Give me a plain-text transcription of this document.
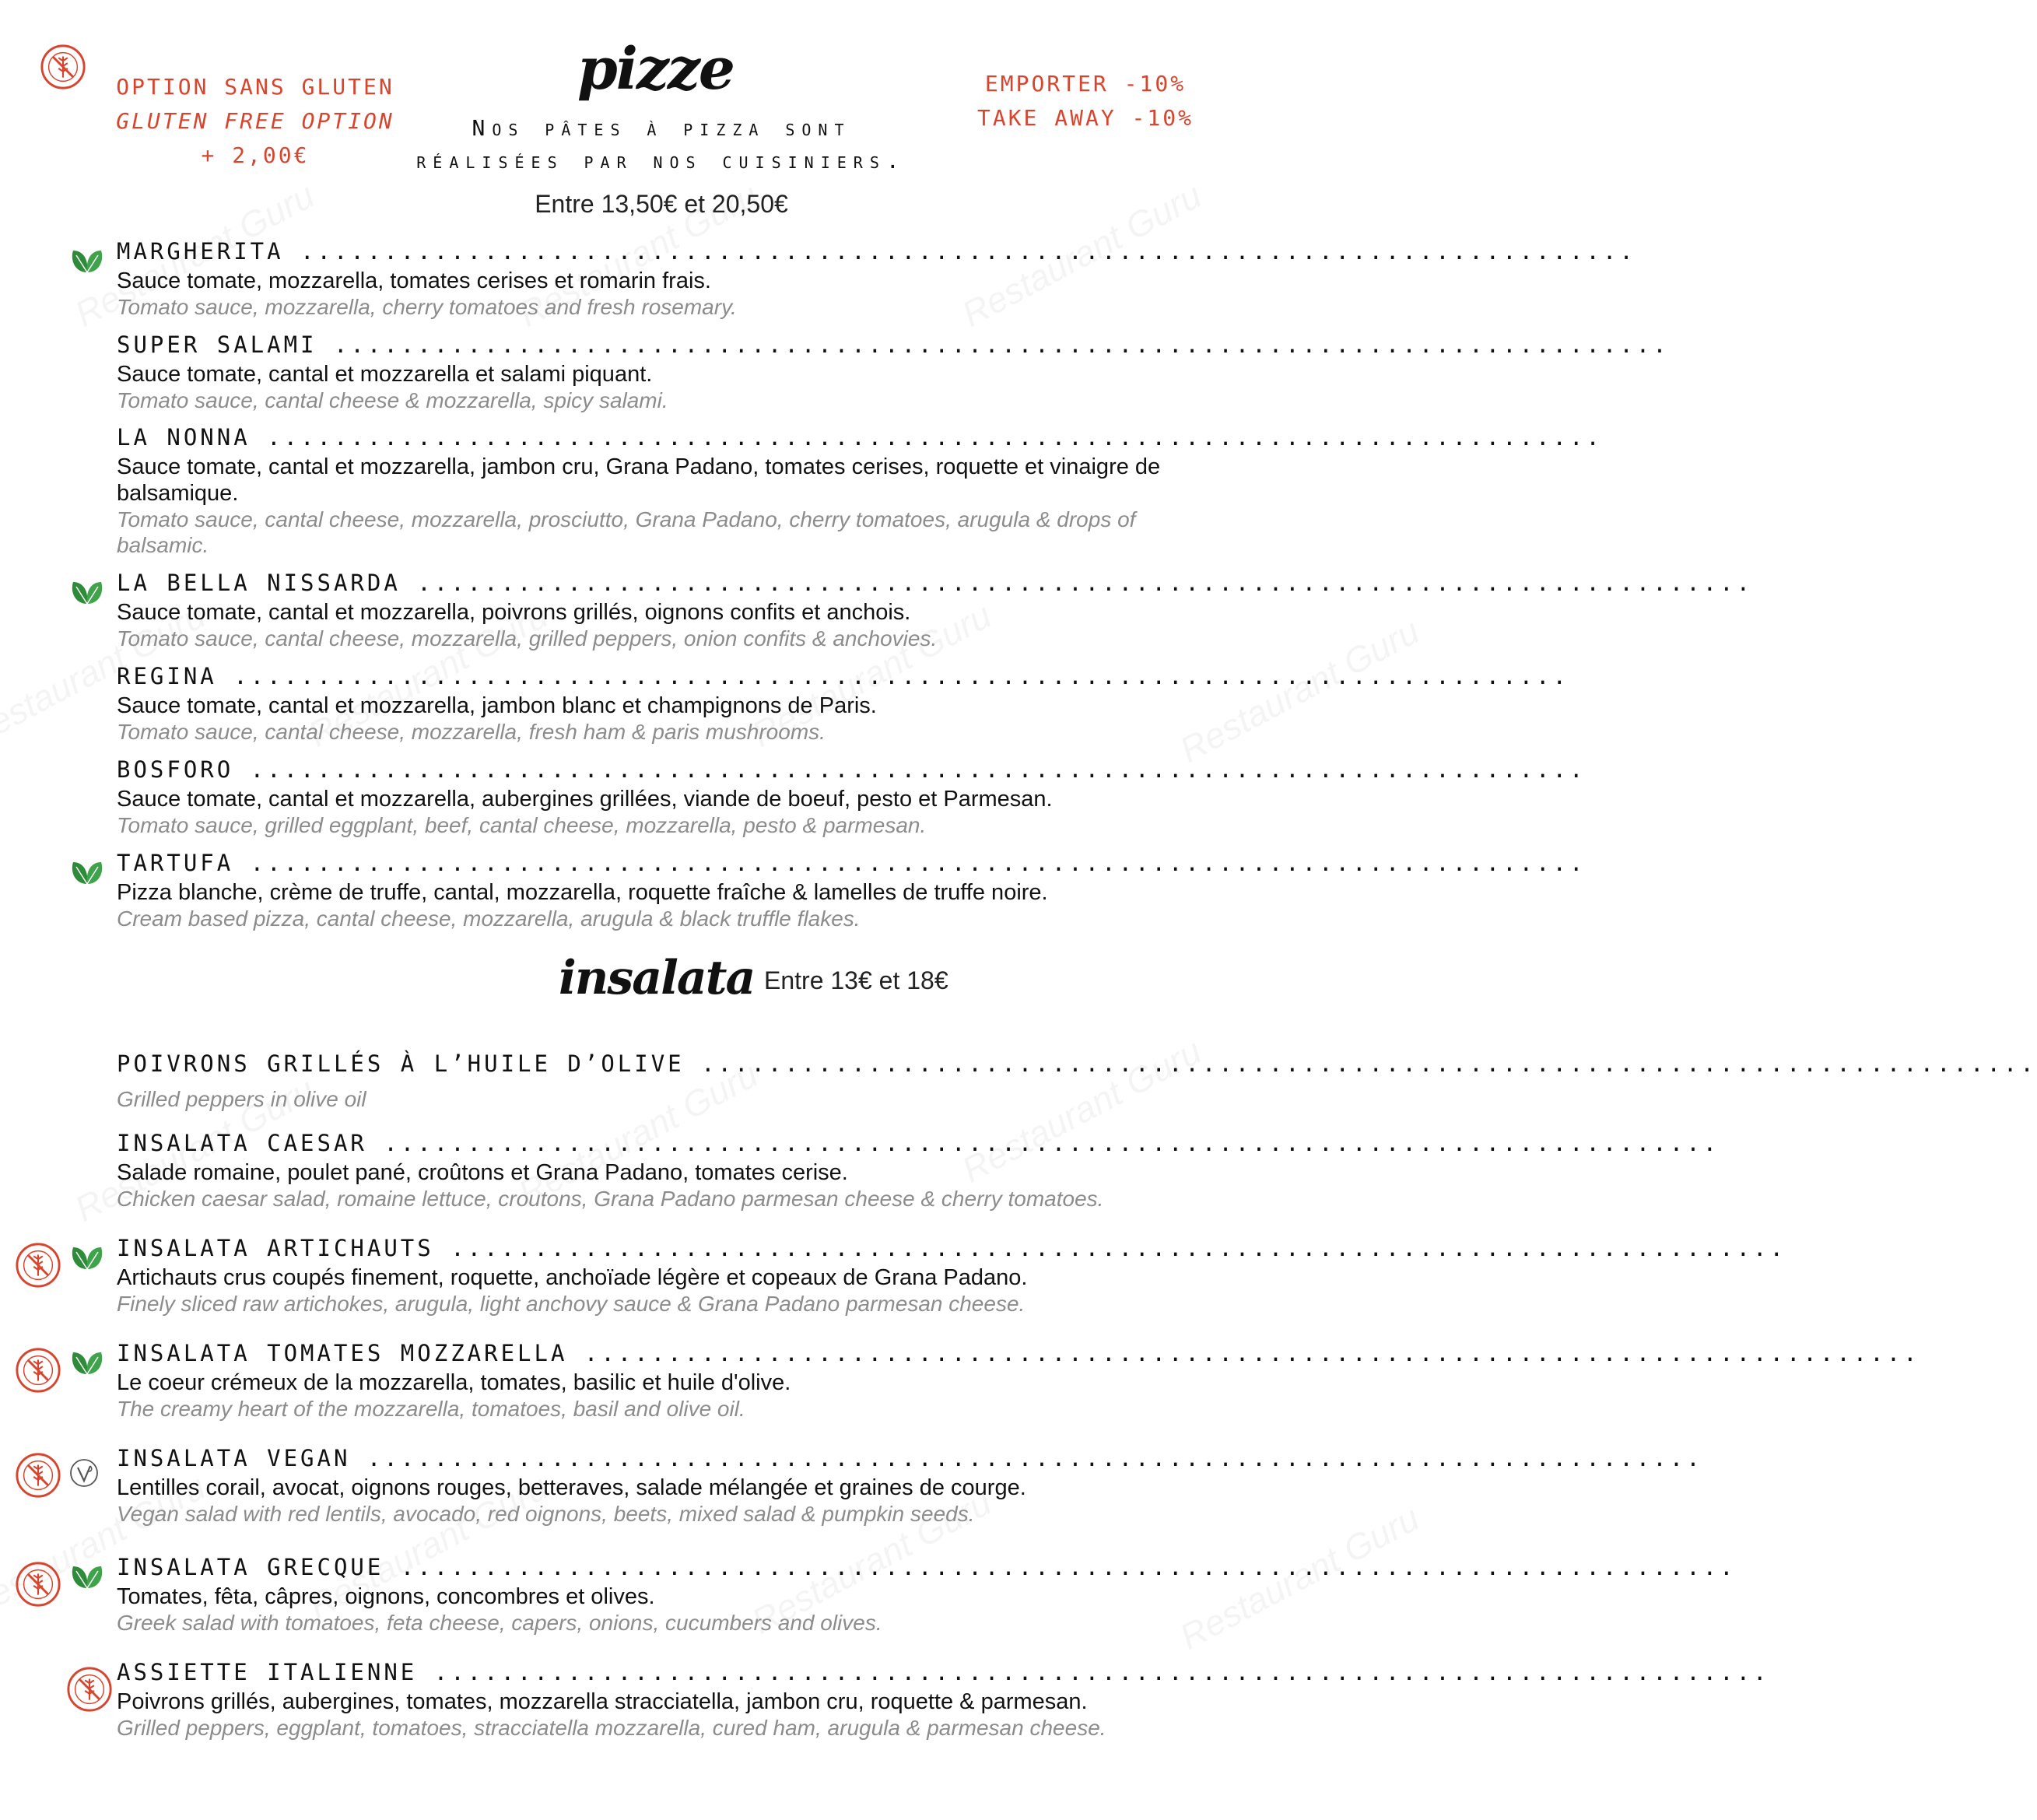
OPTION SANS GLUTEN
GLUTEN FREE OPTION
+ 2,00€
EMPORTER -10%
TAKE AWAY -10%
pizze
Nos pâtes à pizza sont
réalisées par nos cuisiniers.
Entre 13,50€ et 20,50€
MARGHERITA ................................................................................
Sauce tomate, mozzarella, tomates cerises et romarin frais.
Tomato sauce, mozzarella, cherry tomatoes and fresh rosemary.
SUPER SALAMI ................................................................................
Sauce tomate, cantal et mozzarella et salami piquant.
Tomato sauce, cantal cheese & mozzarella, spicy salami.
LA NONNA ................................................................................
Sauce tomate, cantal et mozzarella, jambon cru, Grana Padano, tomates cerises, roquette et vinaigre de balsamique.
Tomato sauce, cantal cheese, mozzarella, prosciutto, Grana Padano, cherry tomatoes, arugula & drops of balsamic.
LA BELLA NISSARDA ................................................................................
Sauce tomate, cantal et mozzarella, poivrons grillés, oignons confits et anchois.
Tomato sauce, cantal cheese, mozzarella, grilled peppers, onion confits & anchovies.
REGINA ................................................................................
Sauce tomate, cantal et mozzarella, jambon blanc et champignons de Paris.
Tomato sauce, cantal cheese, mozzarella, fresh ham & paris mushrooms.
BOSFORO ................................................................................
Sauce tomate, cantal et mozzarella, aubergines grillées, viande de boeuf, pesto et Parmesan.
Tomato sauce, grilled eggplant, beef, cantal cheese, mozzarella, pesto & parmesan.
TARTUFA ................................................................................
Pizza blanche, crème de truffe, cantal, mozzarella, roquette fraîche & lamelles de truffe noire.
Cream based pizza, cantal cheese, mozzarella, arugula & black truffle flakes.
insalata Entre 13€ et 18€
POIVRONS GRILLÉS À L’HUILE D’OLIVE ................................................................................
Grilled peppers in olive oil
INSALATA CAESAR ................................................................................
Salade romaine, poulet pané, croûtons et Grana Padano, tomates cerise.
Chicken caesar salad, romaine lettuce, croutons, Grana Padano parmesan cheese & cherry tomatoes.
INSALATA ARTICHAUTS ................................................................................
Artichauts crus coupés finement, roquette, anchoïade légère et copeaux de Grana Padano.
Finely sliced raw artichokes, arugula, light anchovy sauce & Grana Padano parmesan cheese.
INSALATA TOMATES MOZZARELLA ................................................................................
Le coeur crémeux de la mozzarella, tomates, basilic et huile d'olive.
The creamy heart of the mozzarella, tomatoes, basil and olive oil.
INSALATA VEGAN ................................................................................
Lentilles corail, avocat, oignons rouges, betteraves, salade mélangée et graines de courge.
Vegan salad with red lentils, avocado, red oignons, beets, mixed salad & pumpkin seeds.
INSALATA GRECQUE ................................................................................
Tomates, fêta, câpres, oignons, concombres et olives.
Greek salad with tomatoes, feta cheese, capers, onions, cucumbers and olives.
ASSIETTE ITALIENNE ................................................................................
Poivrons grillés, aubergines, tomates, mozzarella stracciatella, jambon cru, roquette & parmesan.
Grilled peppers, eggplant, tomatoes, stracciatella mozzarella, cured ham, arugula & parmesan cheese.
